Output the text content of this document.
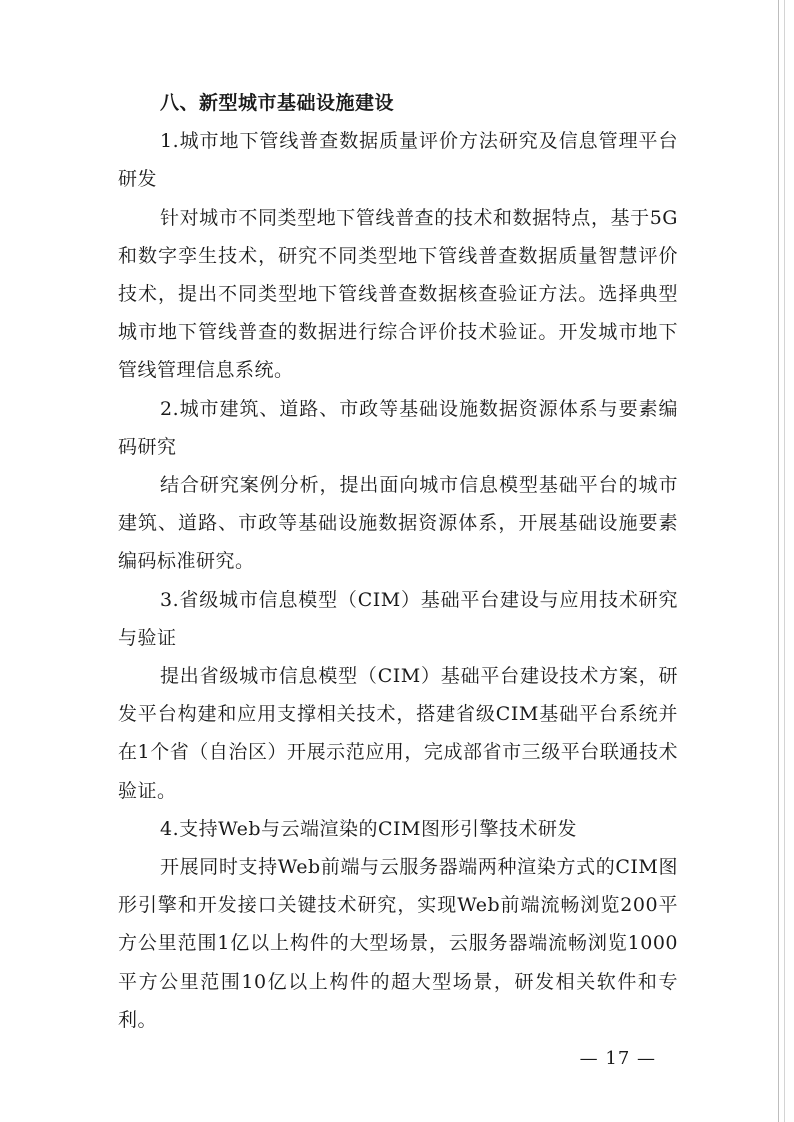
八、新型城市基础设施建设

1.城市地下管线普查数据质量评价方法研究及信息管理平台研发

针对城市不同类型地下管线普查的技术和数据特点，基于5G和数字孪生技术，研究不同类型地下管线普查数据质量智慧评价技术，提出不同类型地下管线普查数据核查验证方法。选择典型城市地下管线普查的数据进行综合评价技术验证。开发城市地下管线管理信息系统。

2.城市建筑、道路、市政等基础设施数据资源体系与要素编码研究

结合研究案例分析，提出面向城市信息模型基础平台的城市建筑、道路、市政等基础设施数据资源体系，开展基础设施要素编码标准研究。

3.省级城市信息模型（CIM）基础平台建设与应用技术研究与验证

提出省级城市信息模型（CIM）基础平台建设技术方案，研发平台构建和应用支撑相关技术，搭建省级CIM基础平台系统并在1个省（自治区）开展示范应用，完成部省市三级平台联通技术验证。

4.支持Web与云端渲染的CIM图形引擎技术研发

开展同时支持Web前端与云服务器端两种渲染方式的CIM图形引擎和开发接口关键技术研究，实现Web前端流畅浏览200平方公里范围1亿以上构件的大型场景，云服务器端流畅浏览1000平方公里范围10亿以上构件的超大型场景，研发相关软件和专利。

— 17 —
